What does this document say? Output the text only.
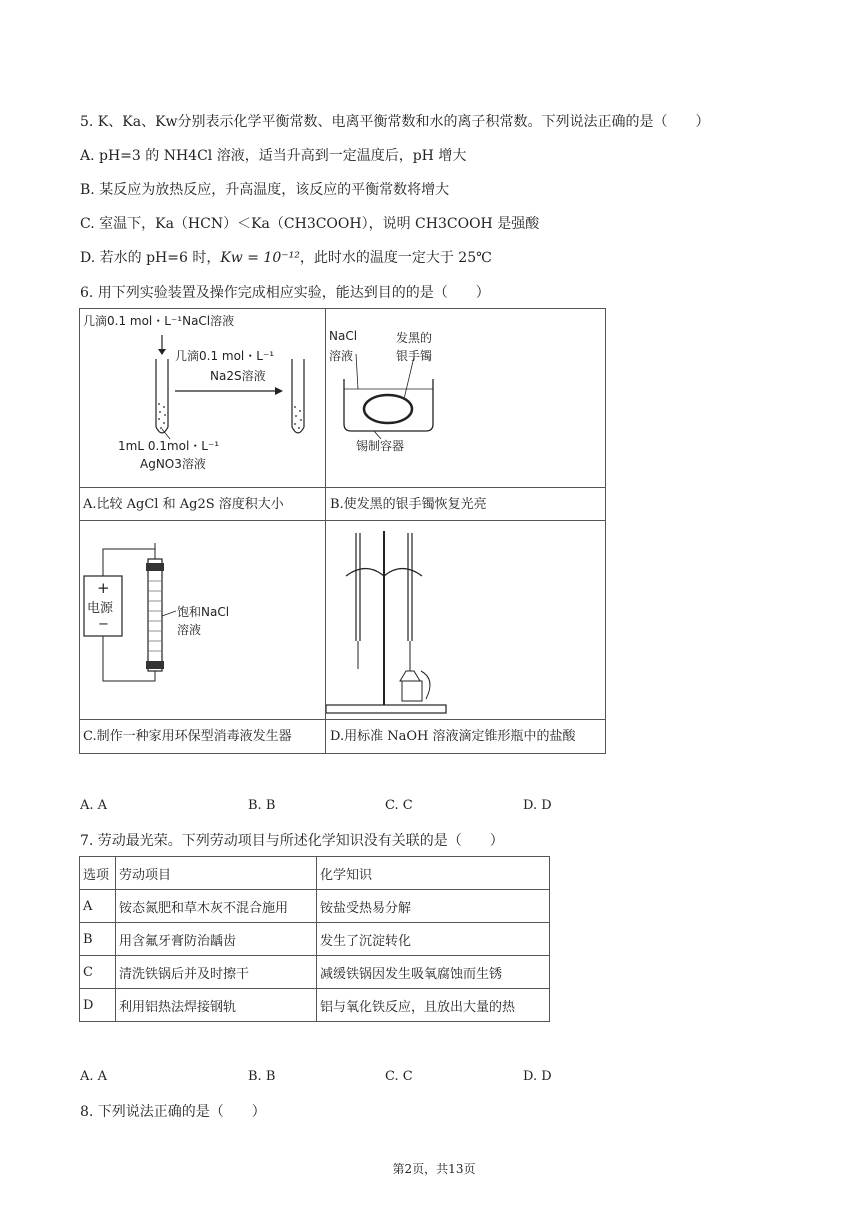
5. K、Ka、Kw分别表示化学平衡常数、电离平衡常数和水的离子积常数。下列说法正确的是（　　）
A. pH=3 的 NH4Cl 溶液，适当升高到一定温度后，pH 增大
B. 某反应为放热反应，升高温度，该反应的平衡常数将增大
C. 室温下，Ka（HCN）＜Ka（CH3COOH），说明 CH3COOH 是强酸
D. 若水的 pH=6 时，Kw = 10⁻¹²，此时水的温度一定大于 25℃
6. 用下列实验装置及操作完成相应实验，能达到目的的是（　　）
几滴0.1 mol・L⁻¹NaCl溶液
几滴0.1 mol・L⁻¹
Na2S溶液
1mL 0.1mol・L⁻¹
AgNO3溶液
NaCl
溶液
发黑的
银手镯
锡制容器
A.比较 AgCl 和 Ag2S 溶度积大小	B.使发黑的银手镯恢复光亮
+
电源
−
饱和NaCl
溶液
C.制作一种家用环保型消毒液发生器	D.用标准 NaOH 溶液滴定锥形瓶中的盐酸
A. A	B. B	C. C	D. D
7. 劳动最光荣。下列劳动项目与所述化学知识没有关联的是（　　）
选项	劳动项目	化学知识
A	铵态氮肥和草木灰不混合施用	铵盐受热易分解
B	用含氟牙膏防治龋齿	发生了沉淀转化
C	清洗铁锅后并及时擦干	减缓铁锅因发生吸氧腐蚀而生锈
D	利用铝热法焊接钢轨	铝与氧化铁反应，且放出大量的热
A. A	B. B	C. C	D. D
8. 下列说法正确的是（　　）
第2页，共13页
